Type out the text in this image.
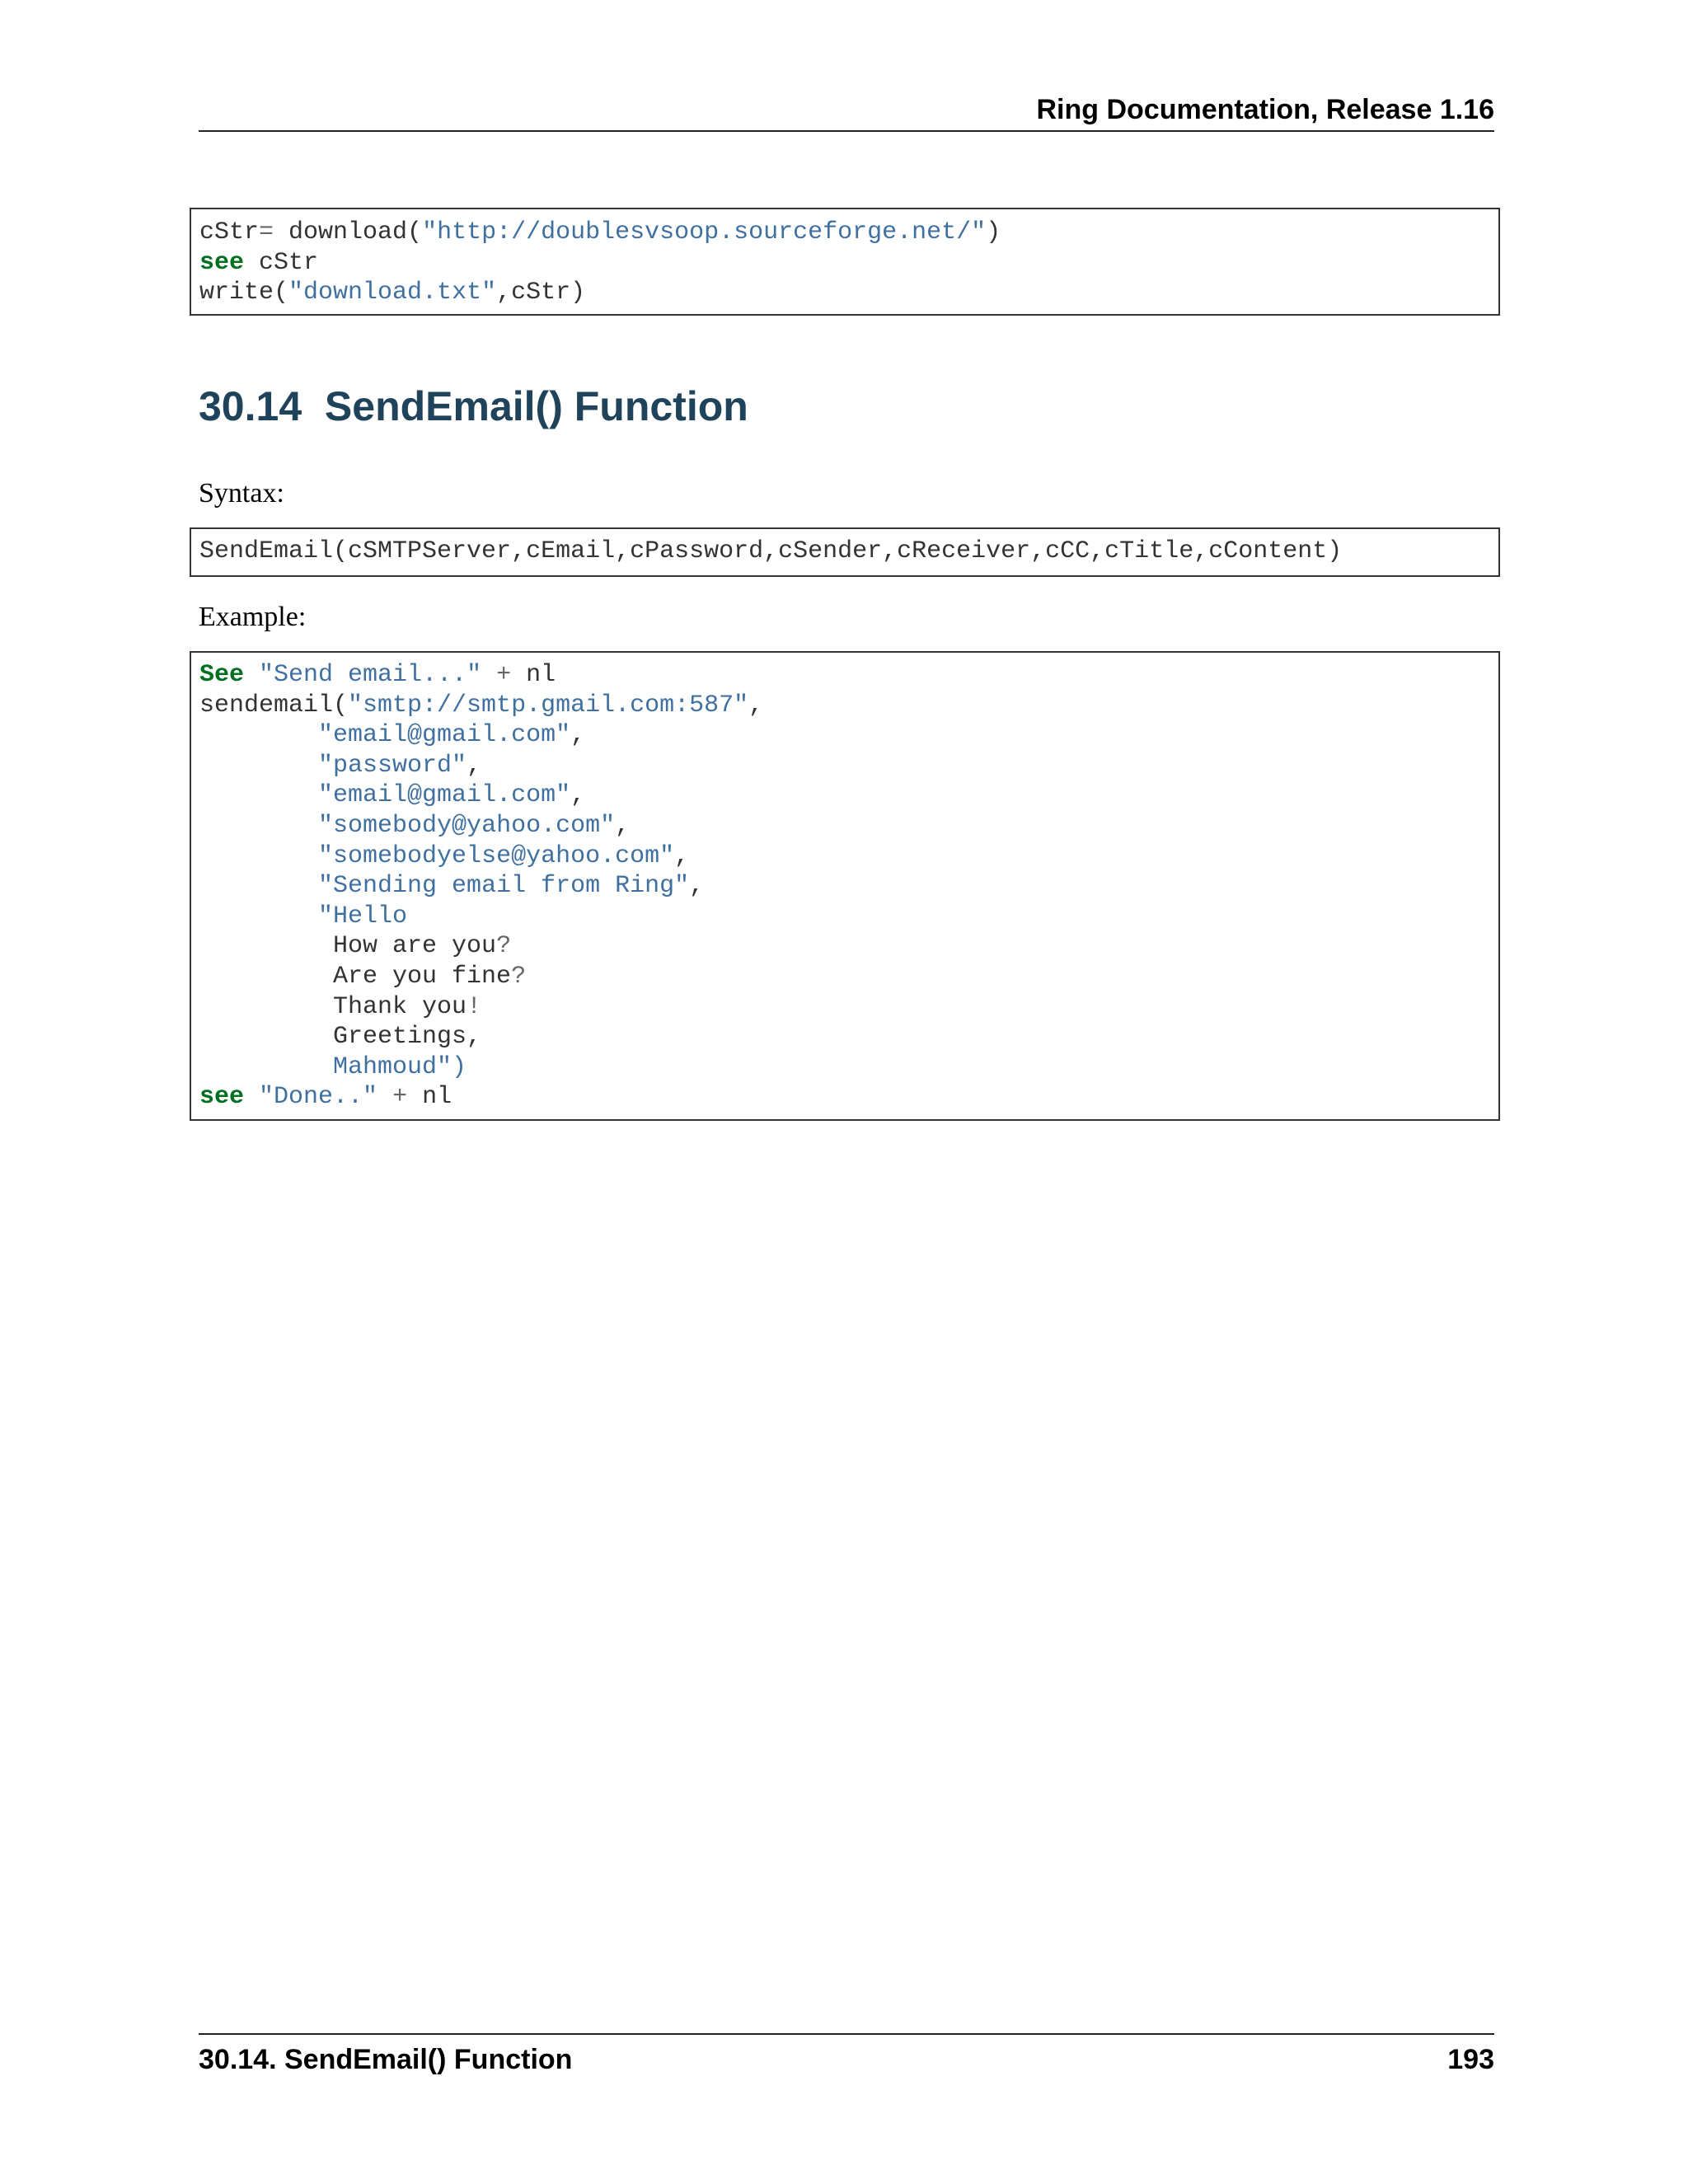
Ring Documentation, Release 1.16
cStr= download("http://doublesvsoop.sourceforge.net/")
see cStr
write("download.txt",cStr)
30.14  SendEmail() Function

Syntax:

SendEmail(cSMTPServer,cEmail,cPassword,cSender,cReceiver,cCC,cTitle,cContent)

Example:

See "Send email..." + nl
sendemail("smtp://smtp.gmail.com:587",
"email@gmail.com",
"password",
"email@gmail.com",
"somebody@yahoo.com",
"somebodyelse@yahoo.com",
"Sending email from Ring",
"Hello
How are you?
Are you fine?
Thank you!
Greetings,
Mahmoud")
see "Done.." + nl
30.14. SendEmail() Function	193
